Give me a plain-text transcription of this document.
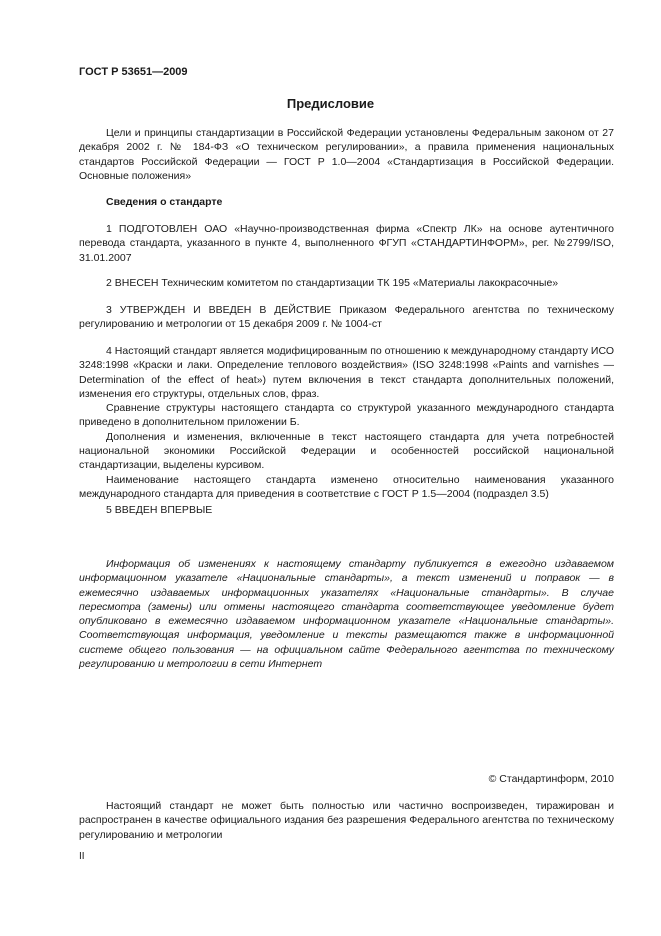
ГОСТ Р 53651—2009
Предисловие

Цели и принципы стандартизации в Российской Федерации установлены Федеральным законом от 27 декабря 2002 г. № 184-ФЗ «О техническом регулировании», а правила применения национальных стандартов Российской Федерации — ГОСТ Р 1.0—2004 «Стандартизация в Российской Федерации. Основные положения»

Сведения о стандарте

1 ПОДГОТОВЛЕН ОАО «Научно-производственная фирма «Спектр ЛК» на основе аутентичного перевода стандарта, указанного в пункте 4, выполненного ФГУП «СТАНДАРТИНФОРМ», рег. №2799/ISO, 31.01.2007

2 ВНЕСЕН Техническим комитетом по стандартизации ТК 195 «Материалы лакокрасочные»

3 УТВЕРЖДЕН И ВВЕДЕН В ДЕЙСТВИЕ Приказом Федерального агентства по техническому регулированию и метрологии от 15 декабря 2009 г. № 1004-ст

4 Настоящий стандарт является модифицированным по отношению к международному стандарту ИСО 3248:1998 «Краски и лаки. Определение теплового воздействия» (ISO 3248:1998 «Paints and varnishes — Determination of the effect of heat») путем включения в текст стандарта дополнительных положений, изменения его структуры, отдельных слов, фраз.

Сравнение структуры настоящего стандарта со структурой указанного международного стандарта приведено в дополнительном приложении Б.

Дополнения и изменения, включенные в текст настоящего стандарта для учета потребностей национальной экономики Российской Федерации и особенностей российской национальной стандартизации, выделены курсивом.

Наименование настоящего стандарта изменено относительно наименования указанного международного стандарта для приведения в соответствие с ГОСТ Р 1.5—2004 (подраздел 3.5)

5 ВВЕДЕН ВПЕРВЫЕ

Информация об изменениях к настоящему стандарту публикуется в ежегодно издаваемом информационном указателе «Национальные стандарты», а текст изменений и поправок — в ежемесячно издаваемых информационных указателях «Национальные стандарты». В случае пересмотра (замены) или отмены настоящего стандарта соответствующее уведомление будет опубликовано в ежемесячно издаваемом информационном указателе «Национальные стандарты». Соответствующая информация, уведомление и тексты размещаются также в информационной системе общего пользования — на официальном сайте Федерального агентства по техническому регулированию и метрологии в сети Интернет

© Стандартинформ, 2010

Настоящий стандарт не может быть полностью или частично воспроизведен, тиражирован и распространен в качестве официального издания без разрешения Федерального агентства по техническому регулированию и метрологии

II
